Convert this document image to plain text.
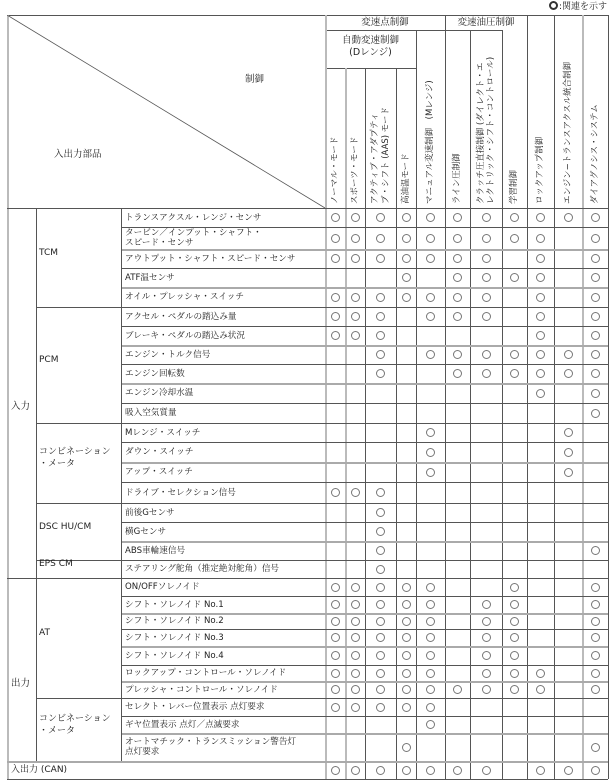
制御
入出力部品
変速点制御	変速油圧制御
自動変速制御
(Dレンジ)
ノーマル・モード スポーツ・モード アクティブ・アダプティ ブ・シフト (AAS) モード 高油温モード マニュアル変速制御　(Mレンジ) ライン圧制御 クラッチ圧直接制御 (ダイレクト・エ レクトリック・シフト・コントロール) 学習制御 ロックアップ制御 エンジン−トランスアクスル統合制御 ダイアグノシス・システム
トランスアクスル・レンジ・センサ
タービン／インプット・シャフト・
スピード・センサ
アウトプット・シャフト・スピード・センサ
ATF温センサ
オイル・プレッシャ・スイッチ
TCM
アクセル・ペダルの踏込み量
ブレーキ・ペダルの踏込み状況
エンジン・トルク信号
エンジン回転数
エンジン冷却水温
吸入空気質量
PCM
Mレンジ・スイッチ
ダウン・スイッチ
アップ・スイッチ
ドライブ・セレクション信号
コンビネーション
・メータ
前後Gセンサ
横Gセンサ
ABS車輪速信号
DSC HU/CM
ステアリング舵角（推定絶対舵角）信号
EPS CM
入力
ON/OFFソレノイド
シフト・ソレノイド No.1
シフト・ソレノイド No.2
シフト・ソレノイド No.3
シフト・ソレノイド No.4
ロックアップ・コントロール・ソレノイド
プレッシャ・コントロール・ソレノイド
AT
セレクト・レバー位置表示 点灯要求
ギヤ位置表示 点灯／点滅要求
オートマチック・トランスミッション警告灯
点灯要求
コンビネーション
・メータ
出力
入出力 (CAN)
:関連を示す
